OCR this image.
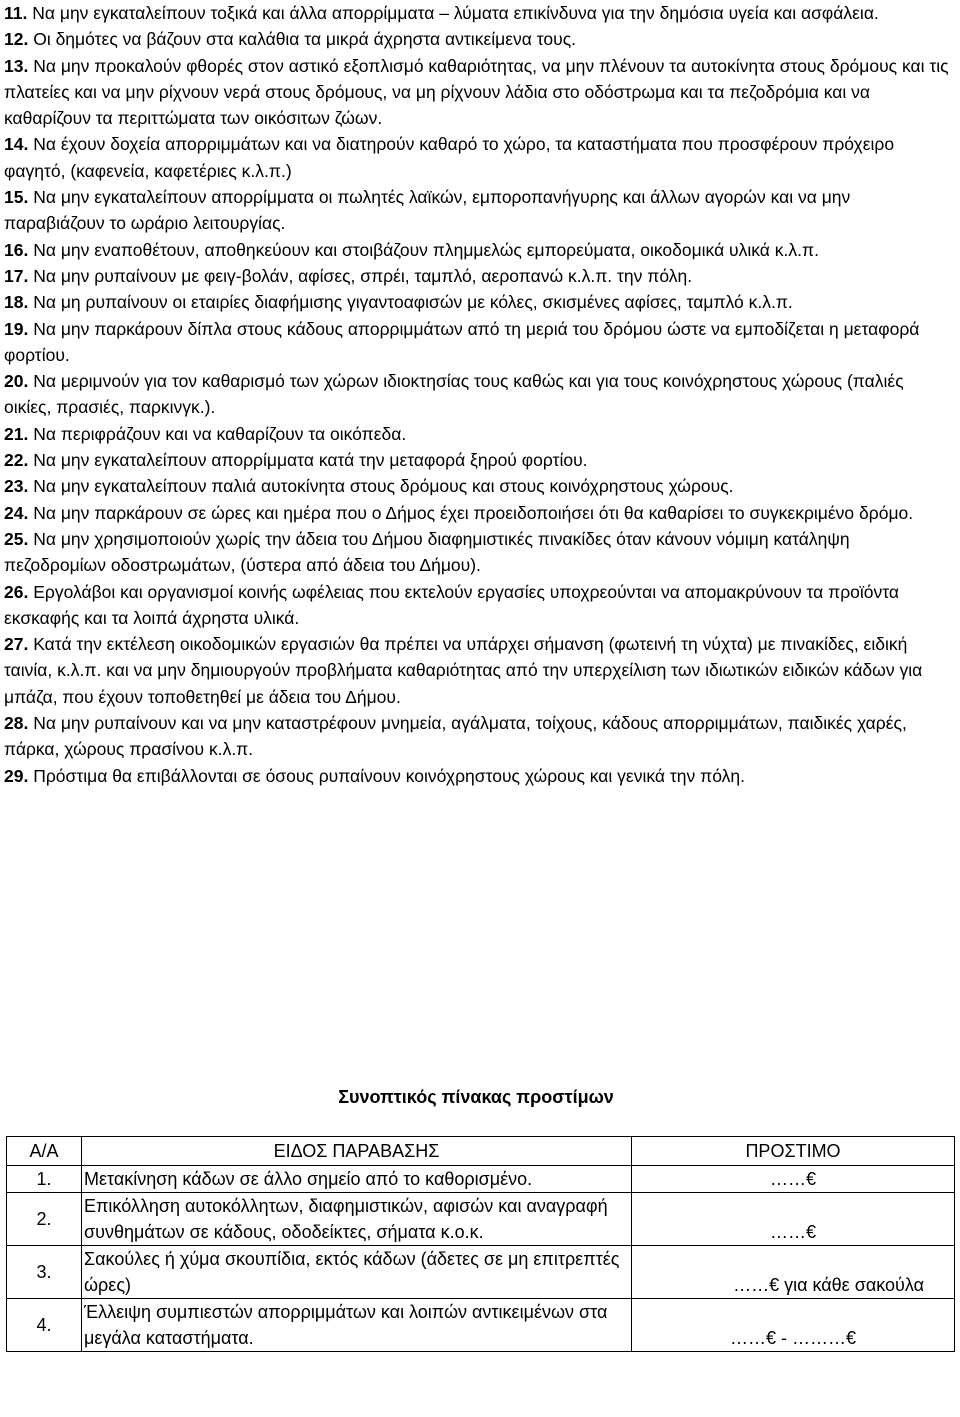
11. Να μην εγκαταλείπουν τοξικά και άλλα απορρίμματα – λύματα επικίνδυνα για την δημόσια υγεία και ασφάλεια.

12. Οι δημότες να βάζουν στα καλάθια τα μικρά άχρηστα αντικείμενα τους.

13. Να μην προκαλούν φθορές στον αστικό εξοπλισμό καθαριότητας, να μην πλένουν τα αυτοκίνητα στους δρόμους και τις πλατείες και να μην ρίχνουν νερά στους δρόμους, να μη ρίχνουν λάδια στο οδόστρωμα και τα πεζοδρόμια και να καθαρίζουν τα περιττώματα των οικόσιτων ζώων.

14. Να έχουν δοχεία απορριμμάτων και να διατηρούν καθαρό το χώρο, τα καταστήματα που προσφέρουν πρόχειρο φαγητό, (καφενεία, καφετέριες κ.λ.π.)

15. Να μην εγκαταλείπουν απορρίμματα οι πωλητές λαϊκών, εμποροπανήγυρης και άλλων αγορών και να μην παραβιάζουν το ωράριο λειτουργίας.

16. Να μην εναποθέτουν, αποθηκεύουν και στοιβάζουν πλημμελώς εμπορεύματα, οικοδομικά υλικά κ.λ.π.

17. Να μην ρυπαίνουν με φειγ-βολάν, αφίσες, σπρέι, ταμπλό, αεροπανώ κ.λ.π. την πόλη.

18. Να μη ρυπαίνουν οι εταιρίες διαφήμισης γιγαντοαφισών με κόλες, σκισμένες αφίσες, ταμπλό κ.λ.π.

19. Να μην παρκάρουν δίπλα στους κάδους απορριμμάτων από τη μεριά του δρόμου ώστε να εμποδίζεται η μεταφορά φορτίου.

20. Να μεριμνούν για τον καθαρισμό των χώρων ιδιοκτησίας τους καθώς και για τους κοινόχρηστους χώρους (παλιές οικίες, πρασιές, παρκινγκ.).

21. Να περιφράζουν και να καθαρίζουν τα οικόπεδα.

22. Να μην εγκαταλείπουν απορρίμματα κατά την μεταφορά ξηρού φορτίου.

23. Να μην εγκαταλείπουν παλιά αυτοκίνητα στους δρόμους και στους κοινόχρηστους χώρους.

24. Να μην παρκάρουν σε ώρες και ημέρα που ο Δήμος έχει προειδοποιήσει ότι θα καθαρίσει το συγκεκριμένο δρόμο.

25. Να μην χρησιμοποιούν χωρίς την άδεια του Δήμου διαφημιστικές πινακίδες όταν κάνουν νόμιμη κατάληψη πεζοδρομίων οδοστρωμάτων, (ύστερα από άδεια του Δήμου).

26. Εργολάβοι και οργανισμοί κοινής ωφέλειας που εκτελούν εργασίες υποχρεούνται να απομακρύνουν τα προϊόντα εκσκαφής και τα λοιπά άχρηστα υλικά.

27. Κατά την εκτέλεση οικοδομικών εργασιών θα πρέπει να υπάρχει σήμανση (φωτεινή τη νύχτα) με πινακίδες, ειδική ταινία, κ.λ.π. και να μην δημιουργούν προβλήματα καθαριότητας από την υπερχείλιση των ιδιωτικών ειδικών κάδων για μπάζα, που έχουν τοποθετηθεί με άδεια του Δήμου.

28. Να μην ρυπαίνουν και να μην καταστρέφουν μνημεία, αγάλματα, τοίχους, κάδους απορριμμάτων, παιδικές χαρές, πάρκα, χώρους πρασίνου κ.λ.π.

29. Πρόστιμα θα επιβάλλονται σε όσους ρυπαίνουν κοινόχρηστους χώρους και γενικά την πόλη.

Συνοπτικός πίνακας προστίμων
Α/Α	ΕΙΔΟΣ ΠΑΡΑΒΑΣΗΣ	ΠΡΟΣΤΙΜΟ
1.	Μετακίνηση κάδων σε άλλο σημείο από το καθορισμένο.	……€
2.	Επικόλληση αυτοκόλλητων, διαφημιστικών, αφισών και αναγραφή συνθημάτων σε κάδους, οδοδείκτες, σήματα κ.ο.κ.	……€
3.	Σακούλες ή χύμα σκουπίδια, εκτός κάδων (άδετες σε μη επιτρεπτές ώρες)	……€ για κάθε σακούλα
4.	Έλλειψη συμπιεστών απορριμμάτων και λοιπών αντικειμένων στα μεγάλα καταστήματα.	……€ - ………€
